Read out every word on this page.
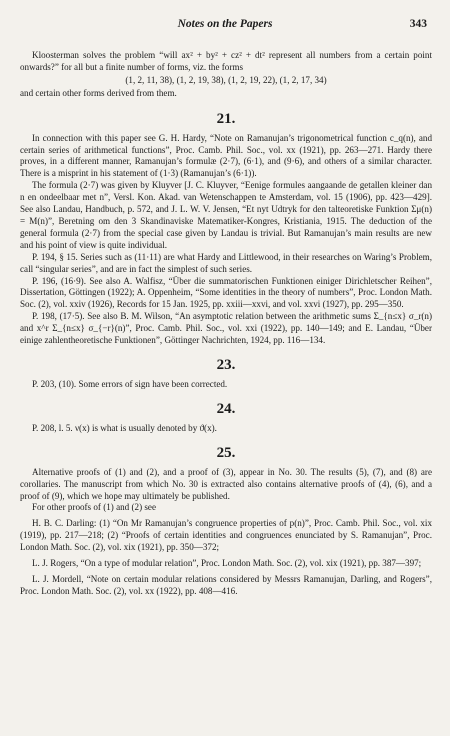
Notes on the Papers	343

Kloosterman solves the problem “will ax² + by² + cz² + dt² represent all numbers from a certain point onwards?” for all but a finite number of forms, viz. the forms

(1, 2, 11, 38), (1, 2, 19, 38), (1, 2, 19, 22), (1, 2, 17, 34)

and certain other forms derived from them.

21.

In connection with this paper see G. H. Hardy, “Note on Ramanujan’s trigonometrical function c_q(n), and certain series of arithmetical functions”, Proc. Camb. Phil. Soc., vol. xx (1921), pp. 263—271. Hardy there proves, in a different manner, Ramanujan’s formulæ (2·7), (6·1), and (9·6), and others of a similar character. There is a misprint in his statement of (1·3) (Ramanujan’s (6·1)).

The formula (2·7) was given by Kluyver [J. C. Kluyver, “Eenige formules aangaande de getallen kleiner dan n en ondeelbaar met n”, Versl. Kon. Akad. van Wetenschappen te Amsterdam, vol. 15 (1906), pp. 423—429]. See also Landau, Handbuch, p. 572, and J. L. W. V. Jensen, “Et nyt Udtryk for den talteoretiske Funktion Σμ(n) = M(n)”, Beretning om den 3 Skandinaviske Matematiker-Kongres, Kristiania, 1915. The deduction of the general formula (2·7) from the special case given by Landau is trivial. But Ramanujan’s main results are new and his point of view is quite individual.

P. 194, § 15. Series such as (11·11) are what Hardy and Littlewood, in their researches on Waring’s Problem, call “singular series”, and are in fact the simplest of such series.

P. 196, (16·9). See also A. Walfisz, “Über die summatorischen Funktionen einiger Dirichletscher Reihen”, Dissertation, Göttingen (1922); A. Oppenheim, “Some identities in the theory of numbers”, Proc. London Math. Soc. (2), vol. xxiv (1926), Records for 15 Jan. 1925, pp. xxiii—xxvi, and vol. xxvi (1927), pp. 295—350.

P. 198, (17·5). See also B. M. Wilson, “An asymptotic relation between the arithmetic sums Σ_{n≤x} σ_r(n) and x^r Σ_{n≤x} σ_{−r}(n)”, Proc. Camb. Phil. Soc., vol. xxi (1922), pp. 140—149; and E. Landau, “Über einige zahlentheoretische Funktionen”, Göttinger Nachrichten, 1924, pp. 116—134.

23.

P. 203, (10). Some errors of sign have been corrected.

24.

P. 208, l. 5. ν(x) is what is usually denoted by ϑ(x).

25.

Alternative proofs of (1) and (2), and a proof of (3), appear in No. 30. The results (5), (7), and (8) are corollaries. The manuscript from which No. 30 is extracted also contains alternative proofs of (4), (6), and a proof of (9), which we hope may ultimately be published.

For other proofs of (1) and (2) see

H. B. C. Darling: (1) “On Mr Ramanujan’s congruence properties of p(n)”, Proc. Camb. Phil. Soc., vol. xix (1919), pp. 217—218; (2) “Proofs of certain identities and congruences enunciated by S. Ramanujan”, Proc. London Math. Soc. (2), vol. xix (1921), pp. 350—372;

L. J. Rogers, “On a type of modular relation”, Proc. London Math. Soc. (2), vol. xix (1921), pp. 387—397;

L. J. Mordell, “Note on certain modular relations considered by Messrs Ramanujan, Darling, and Rogers”, Proc. London Math. Soc. (2), vol. xx (1922), pp. 408—416.
